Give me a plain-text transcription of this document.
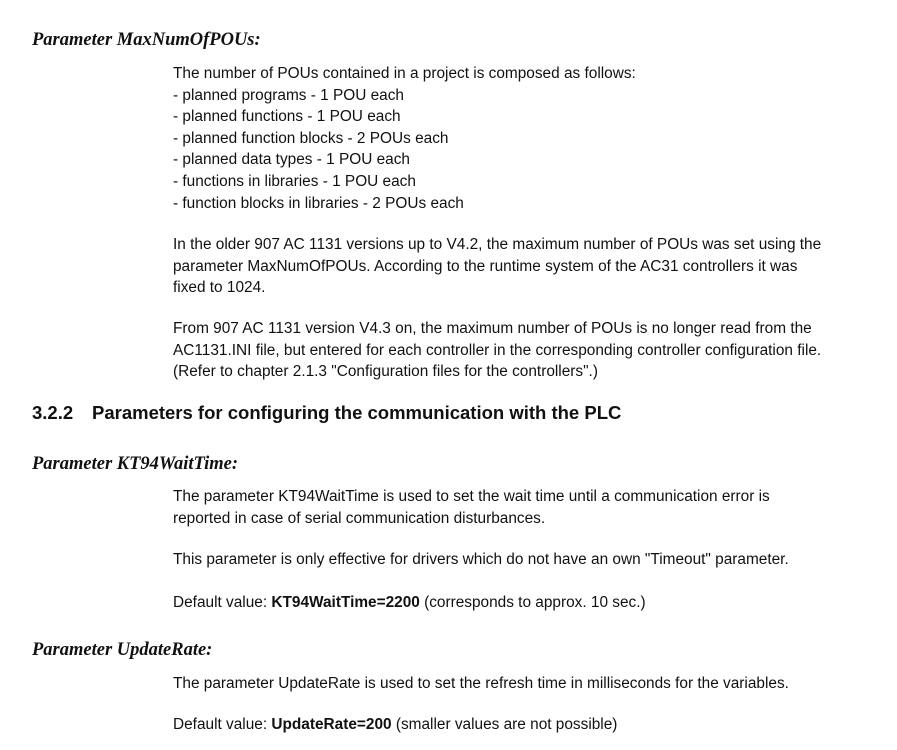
Parameter MaxNumOfPOUs:
The number of POUs contained in a project is composed as follows:
- planned programs - 1 POU each
- planned functions - 1 POU each
- planned function blocks - 2 POUs each
- planned data types - 1 POU each
- functions in libraries - 1 POU each
- function blocks in libraries - 2 POUs each
In the older 907 AC 1131 versions up to V4.2, the maximum number of POUs was set using the
parameter MaxNumOfPOUs. According to the runtime system of the AC31 controllers it was
fixed to 1024.
From 907 AC 1131 version V4.3 on, the maximum number of POUs is no longer read from the
AC1131.INI file, but entered for each controller in the corresponding controller configuration file.
(Refer to chapter 2.1.3 "Configuration files for the controllers".)
3.2.2 Parameters for configuring the communication with the PLC
Parameter KT94WaitTime:
The parameter KT94WaitTime is used to set the wait time until a communication error is
reported in case of serial communication disturbances.
This parameter is only effective for drivers which do not have an own "Timeout" parameter.
Default value: KT94WaitTime=2200 (corresponds to approx. 10 sec.)
Parameter UpdateRate:
The parameter UpdateRate is used to set the refresh time in milliseconds for the variables.
Default value: UpdateRate=200 (smaller values are not possible)
